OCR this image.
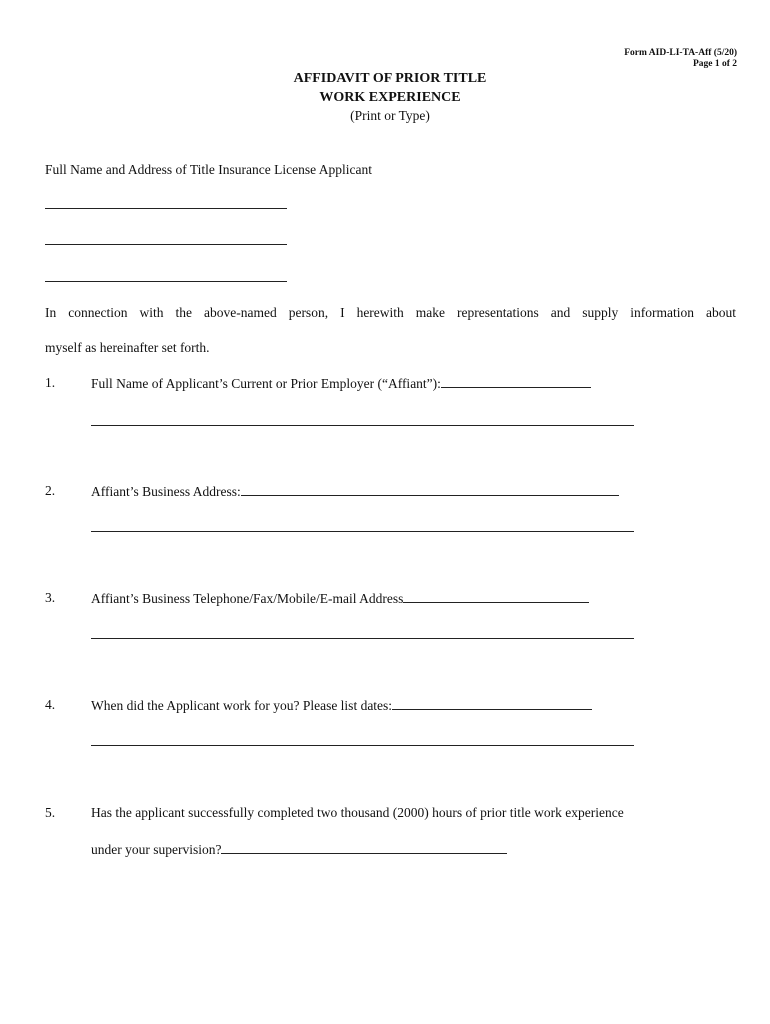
Form AID-LI-TA-Aff (5/20)
Page 1 of 2
AFFIDAVIT OF PRIOR TITLE
WORK EXPERIENCE
(Print or Type)
Full Name and Address of Title Insurance License Applicant
In connection with the above-named person, I herewith make representations and supply information about
myself as hereinafter set forth.
1.	Full Name of Applicant’s Current or Prior Employer (“Affiant”):
2.	Affiant’s Business Address:
3.	Affiant’s Business Telephone/Fax/Mobile/E-mail Address
4.	When did the Applicant work for you? Please list dates:
5.	Has the applicant successfully completed two thousand (2000) hours of prior title work experience
under your supervision?
